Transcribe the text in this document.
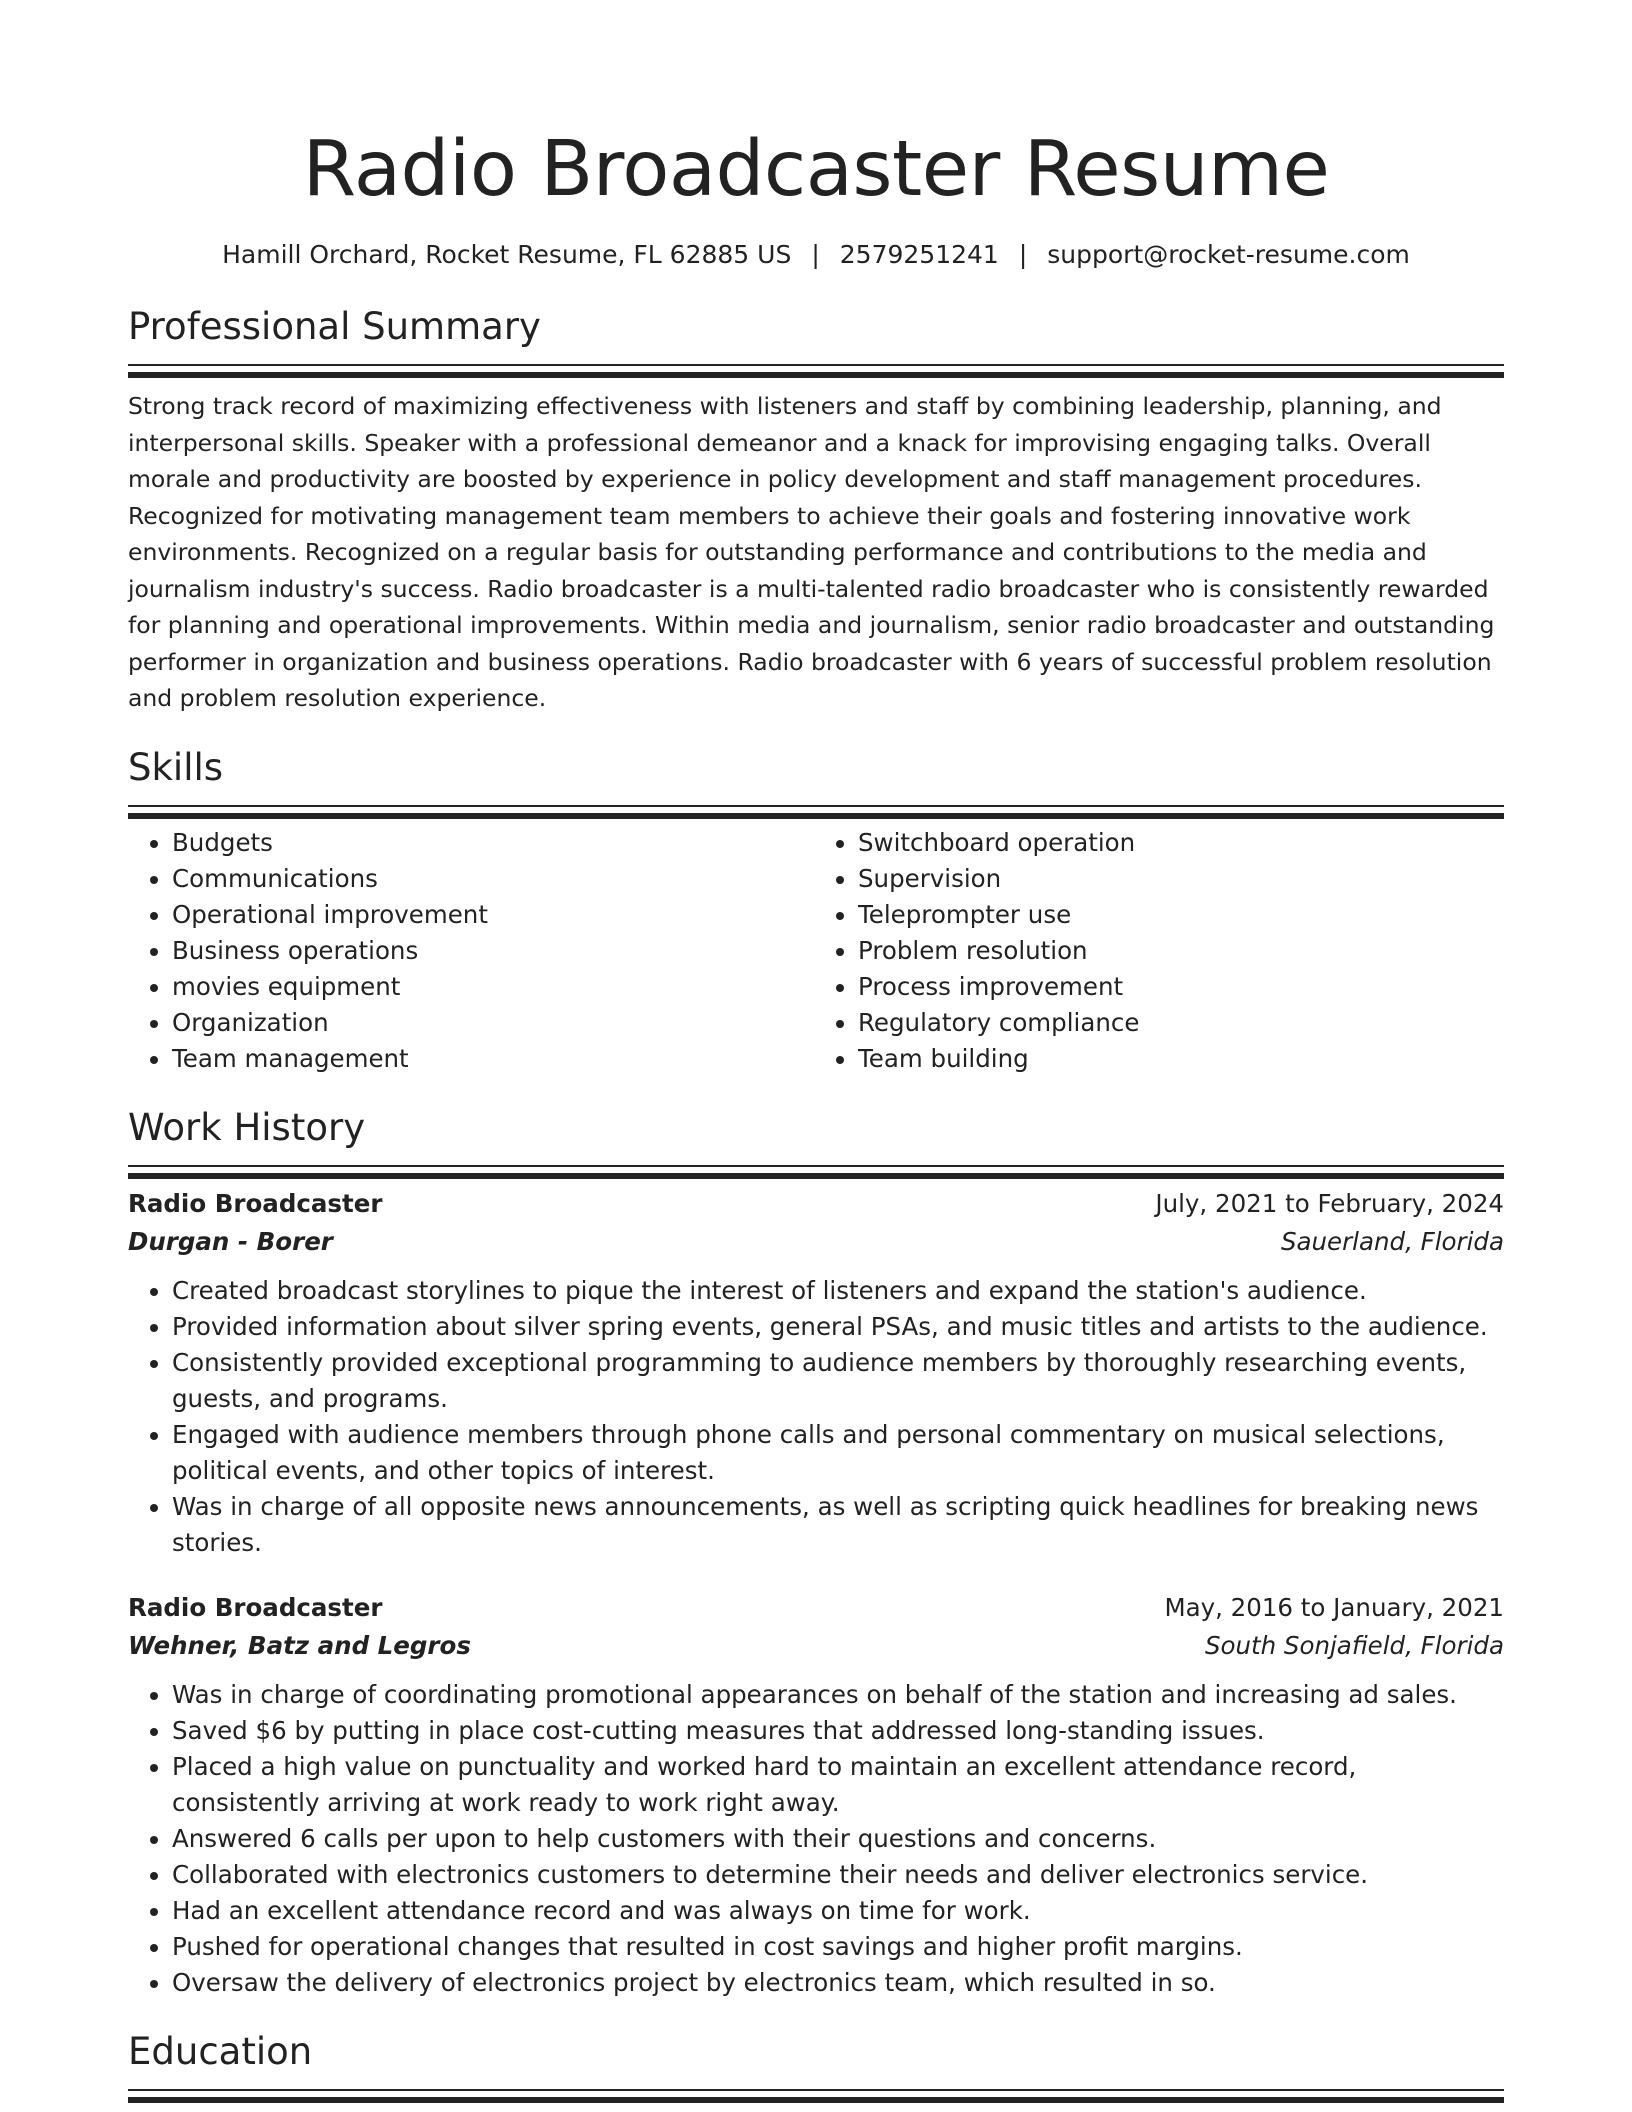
Radio Broadcaster Resume
Hamill Orchard, Rocket Resume, FL 62885 US | 2579251241 | support@rocket-resume.com
Professional Summary

Strong track record of maximizing effectiveness with listeners and staff by combining leadership, planning, and interpersonal skills. Speaker with a professional demeanor and a knack for improvising engaging talks. Overall morale and productivity are boosted by experience in policy development and staff management procedures. Recognized for motivating management team members to achieve their goals and fostering innovative work environments. Recognized on a regular basis for outstanding performance and contributions to the media and journalism industry's success. Radio broadcaster is a multi-talented radio broadcaster who is consistently rewarded for planning and operational improvements. Within media and journalism, senior radio broadcaster and outstanding performer in organization and business operations. Radio broadcaster with 6 years of successful problem resolution and problem resolution experience.

Skills
• Budgets
• Communications
• Operational improvement
• Business operations
• movies equipment
• Organization
• Team management
• Switchboard operation
• Supervision
• Teleprompter use
• Problem resolution
• Process improvement
• Regulatory compliance
• Team building
Work History
Radio Broadcaster	July, 2021 to February, 2024
Durgan - Borer	Sauerland, Florida
• Created broadcast storylines to pique the interest of listeners and expand the station's audience.
• Provided information about silver spring events, general PSAs, and music titles and artists to the audience.
• Consistently provided exceptional programming to audience members by thoroughly researching events, guests, and programs.
• Engaged with audience members through phone calls and personal commentary on musical selections, political events, and other topics of interest.
• Was in charge of all opposite news announcements, as well as scripting quick headlines for breaking news stories.
Radio Broadcaster	May, 2016 to January, 2021
Wehner, Batz and Legros	South Sonjafield, Florida
• Was in charge of coordinating promotional appearances on behalf of the station and increasing ad sales.
• Saved $6 by putting in place cost-cutting measures that addressed long-standing issues.
• Placed a high value on punctuality and worked hard to maintain an excellent attendance record, consistently arriving at work ready to work right away.
• Answered 6 calls per upon to help customers with their questions and concerns.
• Collaborated with electronics customers to determine their needs and deliver electronics service.
• Had an excellent attendance record and was always on time for work.
• Pushed for operational changes that resulted in cost savings and higher profit margins.
• Oversaw the delivery of electronics project by electronics team, which resulted in so.
Education
